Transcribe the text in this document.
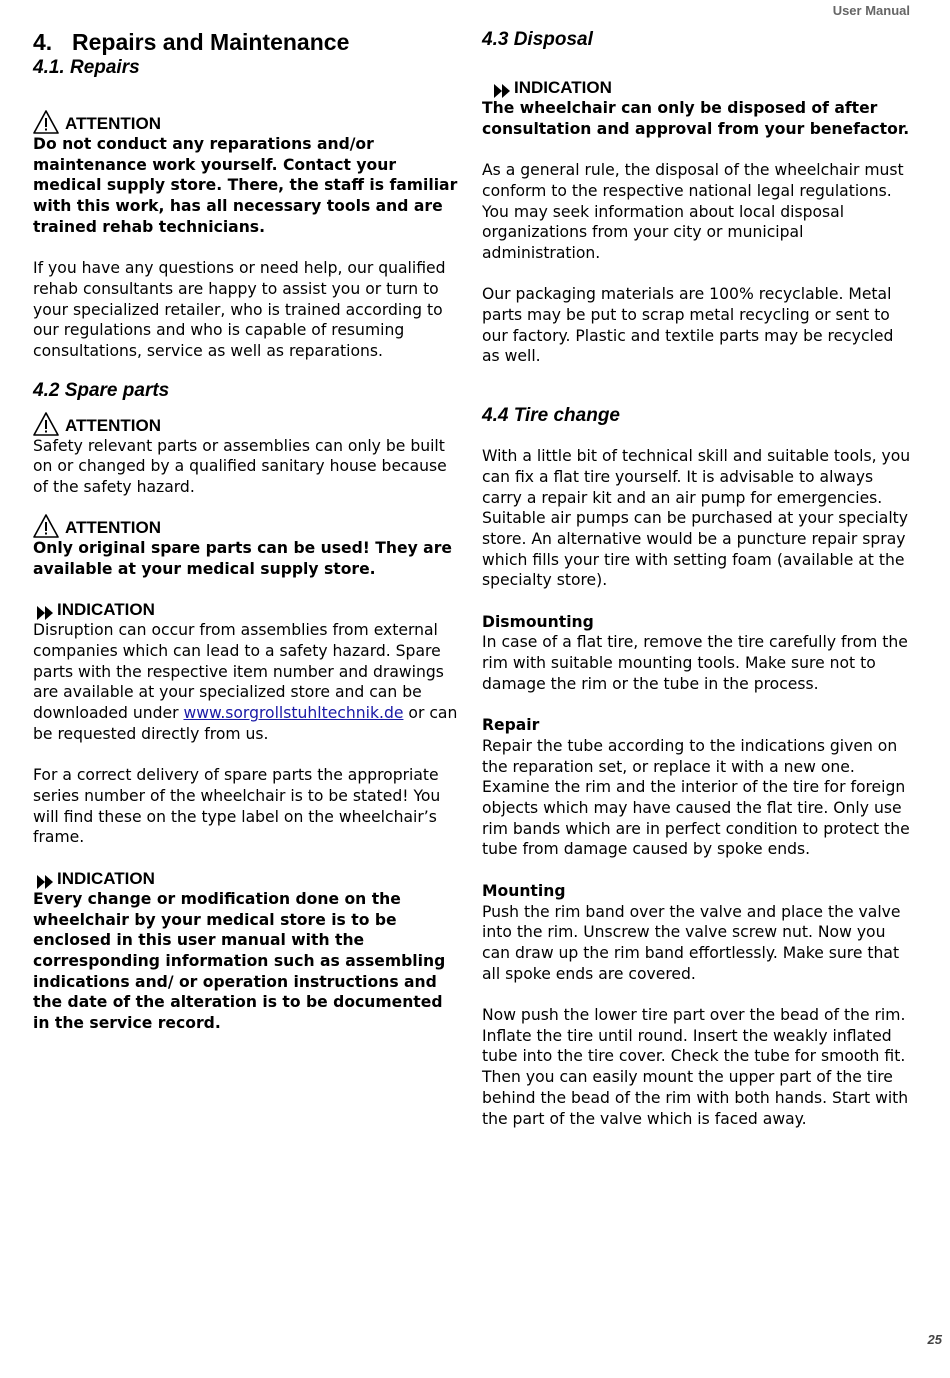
User Manual
4. Repairs and Maintenance
4.1. Repairs
ATTENTION

Do not conduct any reparations and/or maintenance work yourself. Contact your medical supply store. There, the staff is familiar with this work, has all necessary tools and are trained rehab technicians.

If you have any questions or need help, our qualified rehab consultants are happy to assist you or turn to your specialized retailer, who is trained according to our regulations and who is capable of resuming consultations, service as well as reparations.

4.2 Spare parts
ATTENTION

Safety relevant parts or assemblies can only be built on or changed by a qualified sanitary house because of the safety hazard.

ATTENTION

Only original spare parts can be used! They are available at your medical supply store.

INDICATION

Disruption can occur from assemblies from external companies which can lead to a safety hazard. Spare parts with the respective item number and drawings are available at your specialized store and can be downloaded under www.sorgrollstuhltechnik.de or can be requested directly from us.

For a correct delivery of spare parts the appropriate series number of the wheelchair is to be stated! You will find these on the type label on the wheelchair’s frame.

INDICATION

Every change or modification done on the wheelchair by your medical store is to be enclosed in this user manual with the corresponding information such as assembling indications and/ or operation instructions and the date of the alteration is to be documented in the service record.

4.3 Disposal
INDICATION

The wheelchair can only be disposed of after consultation and approval from your benefactor.

As a general rule, the disposal of the wheelchair must conform to the respective national legal regulations. You may seek information about local disposal organizations from your city or municipal administration.

Our packaging materials are 100% recyclable. Metal parts may be put to scrap metal recycling or sent to our factory. Plastic and textile parts may be recycled as well.

4.4 Tire change

With a little bit of technical skill and suitable tools, you can fix a flat tire yourself. It is advisable to always carry a repair kit and an air pump for emergencies. Suitable air pumps can be purchased at your specialty store. An alternative would be a puncture repair spray which fills your tire with setting foam (available at the specialty store).

Dismounting

In case of a flat tire, remove the tire carefully from the rim with suitable mounting tools. Make sure not to damage the rim or the tube in the process.

Repair

Repair the tube according to the indications given on the reparation set, or replace it with a new one. Examine the rim and the interior of the tire for foreign objects which may have caused the flat tire. Only use rim bands which are in perfect condition to protect the tube from damage caused by spoke ends.

Mounting

Push the rim band over the valve and place the valve into the rim. Unscrew the valve screw nut. Now you can draw up the rim band effortlessly. Make sure that all spoke ends are covered.

Now push the lower tire part over the bead of the rim. Inflate the tire until round. Insert the weakly inflated tube into the tire cover. Check the tube for smooth fit. Then you can easily mount the upper part of the tire behind the bead of the rim with both hands. Start with the part of the valve which is faced away.

25
